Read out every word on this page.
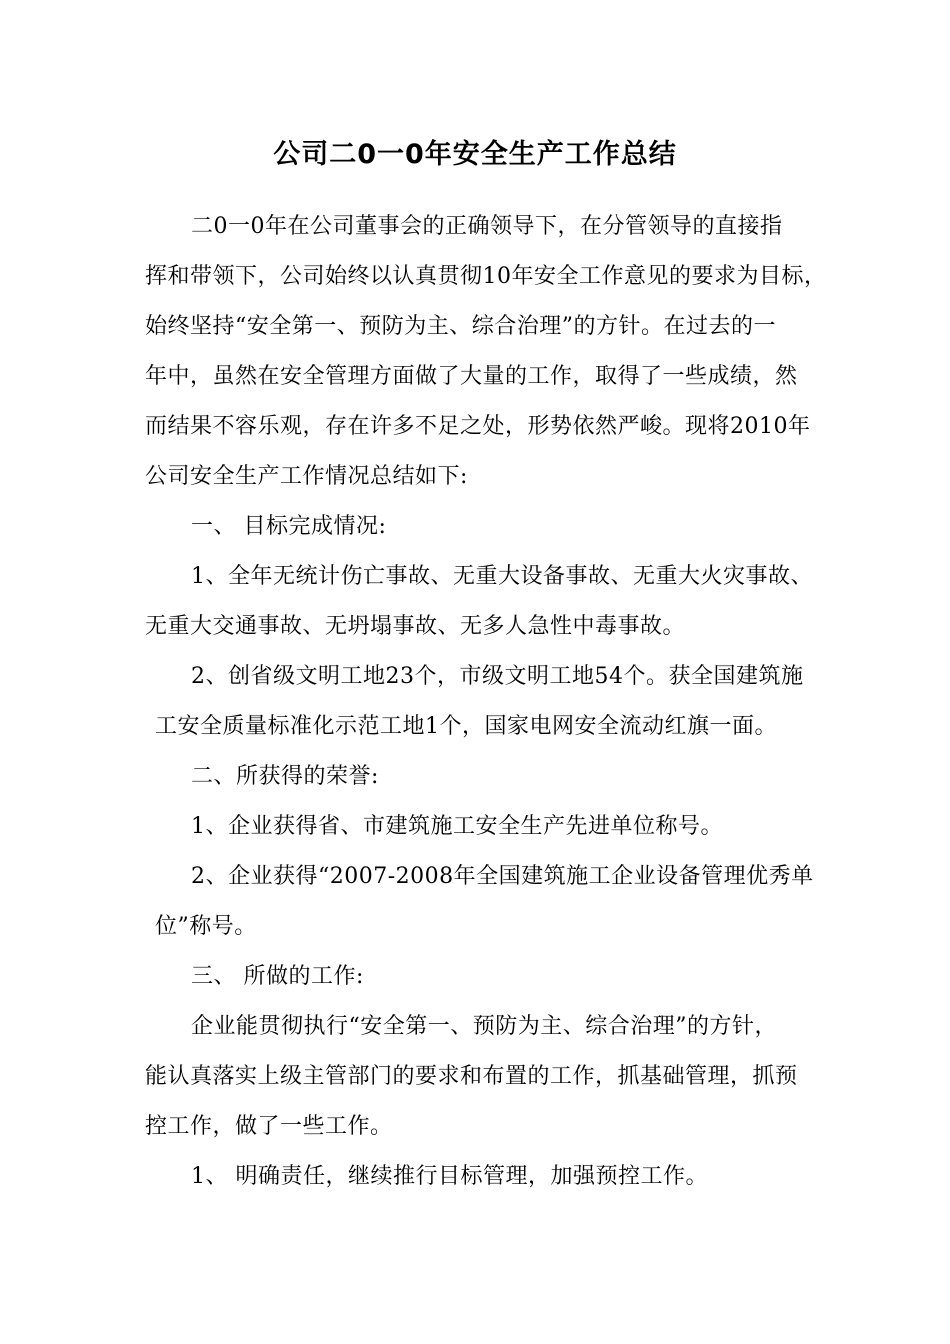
公司二0一0年安全生产工作总结
二0一0年在公司董事会的正确领导下，在分管领导的直接指
挥和带领下，公司始终以认真贯彻10年安全工作意见的要求为目标，
始终坚持“安全第一、预防为主、综合治理”的方针。在过去的一
年中，虽然在安全管理方面做了大量的工作，取得了一些成绩，然
而结果不容乐观，存在许多不足之处，形势依然严峻。现将2010年
公司安全生产工作情况总结如下:
一、 目标完成情况:
1、全年无统计伤亡事故、无重大设备事故、无重大火灾事故、
无重大交通事故、无坍塌事故、无多人急性中毒事故。
2、创省级文明工地23个，市级文明工地54个。获全国建筑施
工安全质量标准化示范工地1个，国家电网安全流动红旗一面。
二、所获得的荣誉:
1、企业获得省、市建筑施工安全生产先进单位称号。
2、企业获得“2007-2008年全国建筑施工企业设备管理优秀单
位”称号。
三、 所做的工作:
企业能贯彻执行“安全第一、预防为主、综合治理”的方针，
能认真落实上级主管部门的要求和布置的工作，抓基础管理，抓预
控工作，做了一些工作。
1、 明确责任，继续推行目标管理，加强预控工作。
